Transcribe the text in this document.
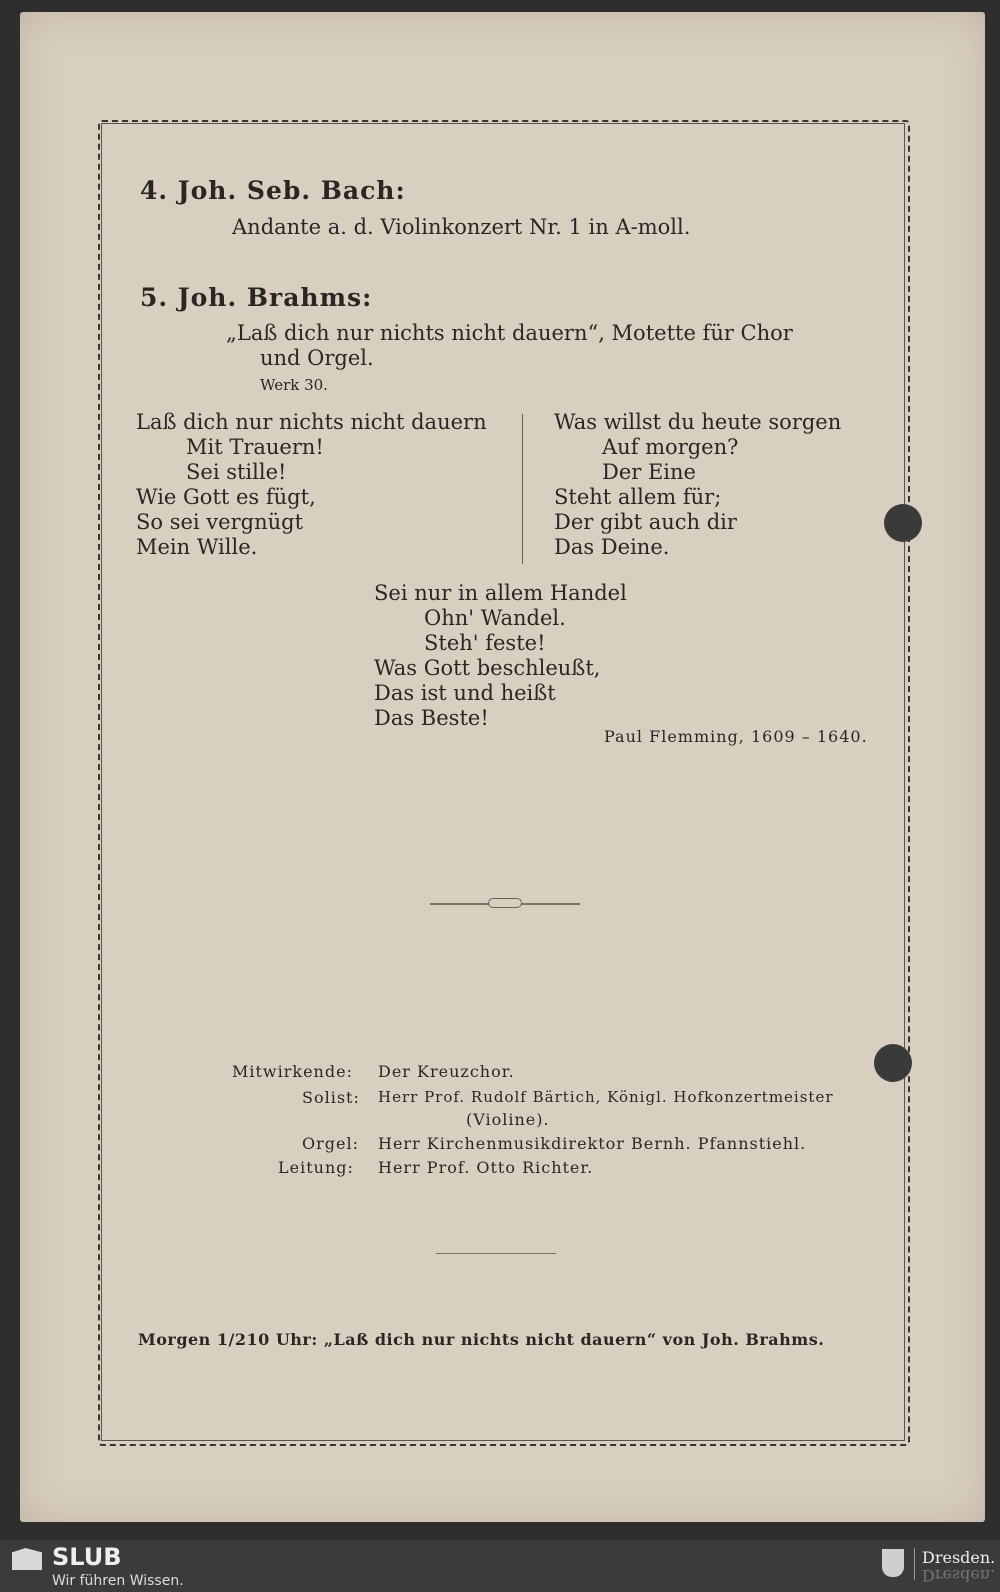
4. Joh. Seb. Bach:
Andante a. d. Violinkonzert Nr. 1 in A-moll.
5. Joh. Brahms:
„Laß dich nur nichts nicht dauern“, Motette für Chor
und Orgel.
Werk 30.
Laß dich nur nichts nicht dauern
Mit Trauern!
Sei stille!
Wie Gott es fügt,
So sei vergnügt
Mein Wille.
Was willst du heute sorgen
Auf morgen?
Der Eine
Steht allem für;
Der gibt auch dir
Das Deine.
Sei nur in allem Handel
Ohn' Wandel.
Steh' feste!
Was Gott beschleußt,
Das ist und heißt
Das Beste!
Paul Flemming, 1609 – 1640.
Mitwirkende: Der Kreuzchor.
Solist: Herr Prof. Rudolf Bärtich, Königl. Hofkonzertmeister
(Violine).
Orgel: Herr Kirchenmusikdirektor Bernh. Pfannstiehl.
Leitung: Herr Prof. Otto Richter.
Morgen 1/210 Uhr: „Laß dich nur nichts nicht dauern“ von Joh. Brahms.
SLUB
Wir führen Wissen.
Dresden.
Dresden.
